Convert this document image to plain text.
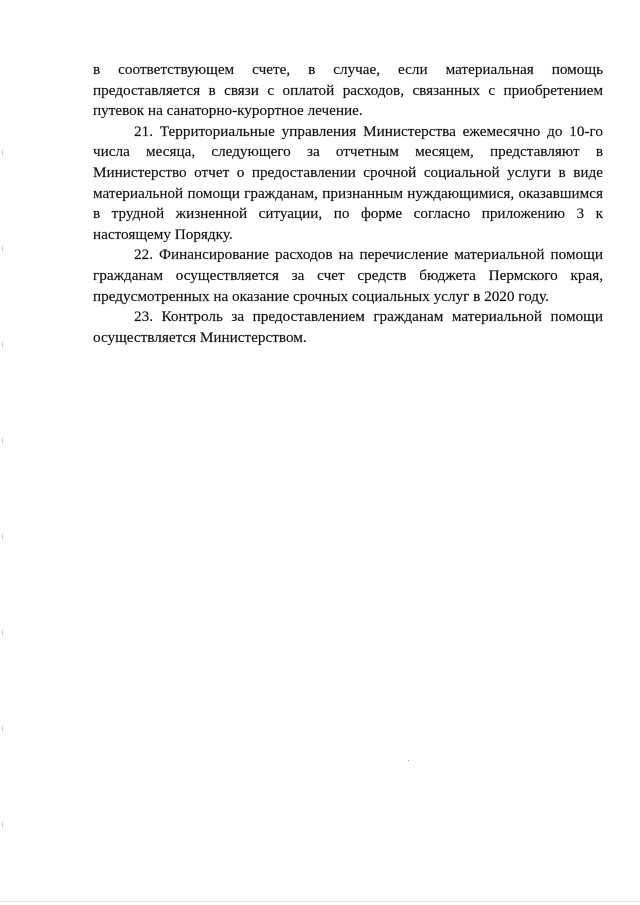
в соответствующем счете, в случае, если материальная помощь предоставляется в связи с оплатой расходов, связанных с приобретением путевок на санаторно-курортное лечение.

21. Территориальные управления Министерства ежемесячно до 10-го числа месяца, следующего за отчетным месяцем, представляют в Министерство отчет о предоставлении срочной социальной услуги в виде материальной помощи гражданам, признанным нуждающимися, оказавшимся в трудной жизненной ситуации, по форме согласно приложению 3 к настоящему Порядку.

22. Финансирование расходов на перечисление материальной помощи гражданам осуществляется за счет средств бюджета Пермского края, предусмотренных на оказание срочных социальных услуг в 2020 году.

23. Контроль за предоставлением гражданам материальной помощи осуществляется Министерством.
